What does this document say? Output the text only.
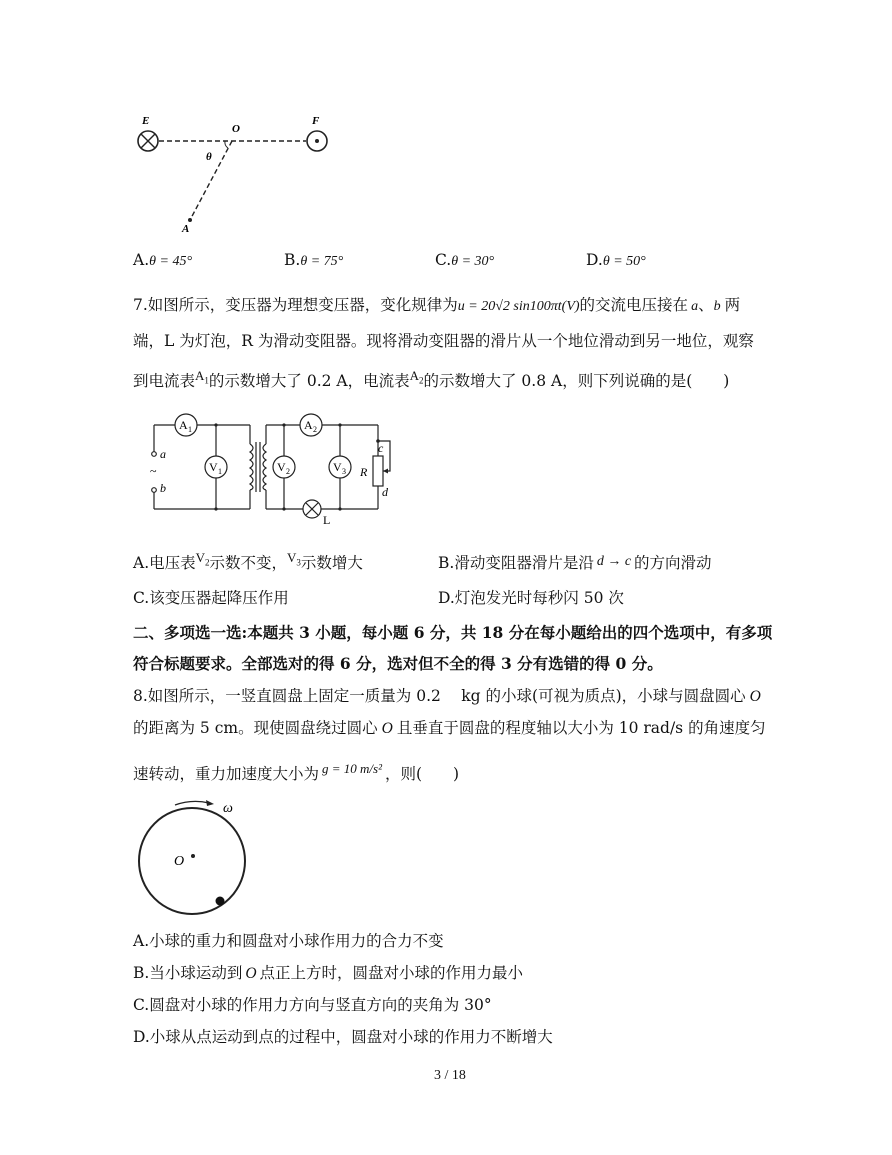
E
O
F
θ
A
A.θ = 45°	B.θ = 75°	C.θ = 30°	D.θ = 50°
7.如图所示，变压器为理想变压器，变化规律为u = 20√2 sin100πt(V)的交流电压接在 a、b 两
端，L 为灯泡，R 为滑动变阻器。现将滑动变阻器的滑片从一个地位滑动到另一地位，观察
到电流表$^{A_1}$的示数增大了 0.2 A，电流表$^{A_2}$的示数增大了 0.8 A，则下列说确的是(　　)
A 1	A 2
V 1	V 2	V 3
a
~
b
c
R
d
L
A.电压表$^{V_2}$示数不变，$^{V_3}$示数增大	B.滑动变阻器滑片是沿 d → c 的方向滑动
C.该变压器起降压作用	D.灯泡发光时每秒闪 50 次
二、多项选一选:本题共 3 小题，每小题 6 分，共 18 分在每小题给出的四个选项中，有多项
符合标题要求。全部选对的得 6 分，选对但不全的得 3 分有选错的得 0 分。
8.如图所示，一竖直圆盘上固定一质量为 0.2　 kg 的小球(可视为质点)，小球与圆盘圆心 O
的距离为 5 cm。现使圆盘绕过圆心 O 且垂直于圆盘的程度轴以大小为 10 rad/s 的角速度匀
速转动，重力加速度大小为 $^{g = 10 m/s^2}$ ，则(　　)
ω
O
A.小球的重力和圆盘对小球作用力的合力不变
B.当小球运动到 O 点正上方时，圆盘对小球的作用力最小
C.圆盘对小球的作用力方向与竖直方向的夹角为 30°
D.小球从点运动到点的过程中，圆盘对小球的作用力不断增大
3 / 18
